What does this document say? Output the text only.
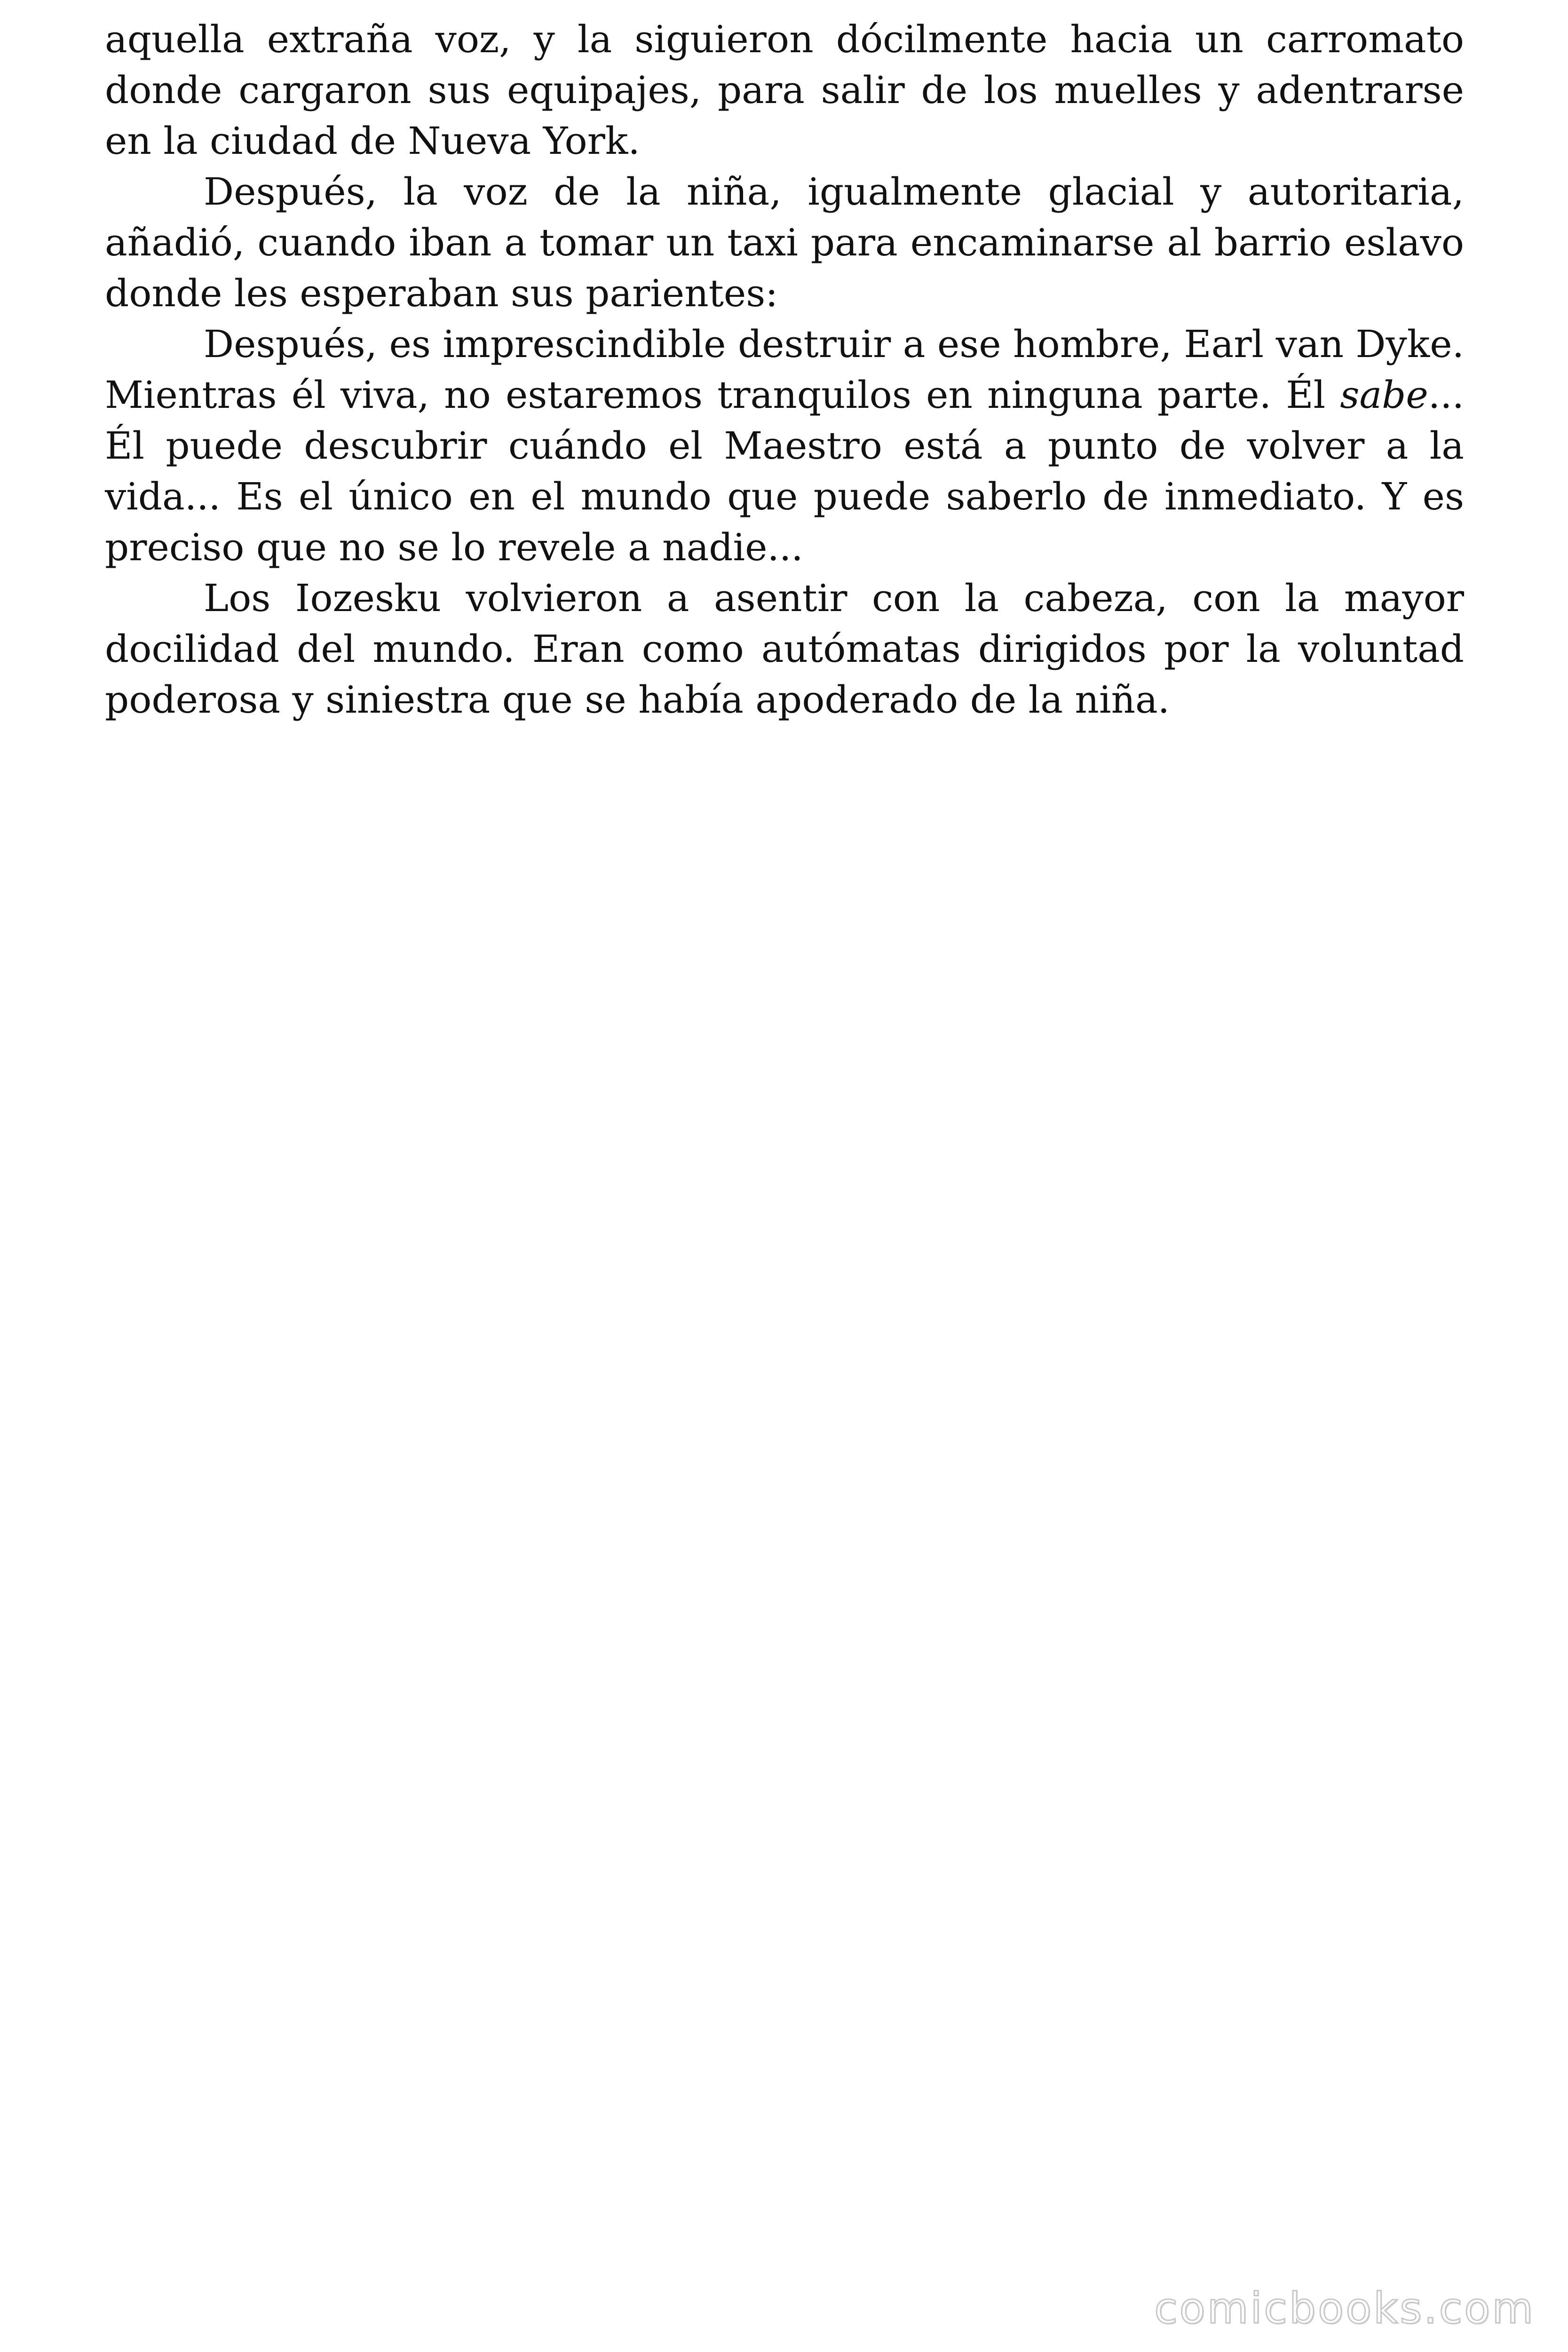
aquella extraña voz, y la siguieron dócilmente hacia un carromato donde cargaron sus equipajes, para salir de los muelles y adentrarse en la ciudad de Nueva York.

Después, la voz de la niña, igualmente glacial y autoritaria, añadió, cuando iban a tomar un taxi para encaminarse al barrio eslavo donde les esperaban sus parientes:

Después, es imprescindible destruir a ese hombre, Earl van Dyke. Mientras él viva, no estaremos tranquilos en ninguna parte. Él sabe... Él puede descubrir cuándo el Maestro está a punto de volver a la vida... Es el único en el mundo que puede saberlo de inmediato. Y es preciso que no se lo revele a nadie...

Los Iozesku volvieron a asentir con la cabeza, con la mayor docilidad del mundo. Eran como autómatas dirigidos por la voluntad poderosa y siniestra que se había apoderado de la niña.

comicbooks.com
